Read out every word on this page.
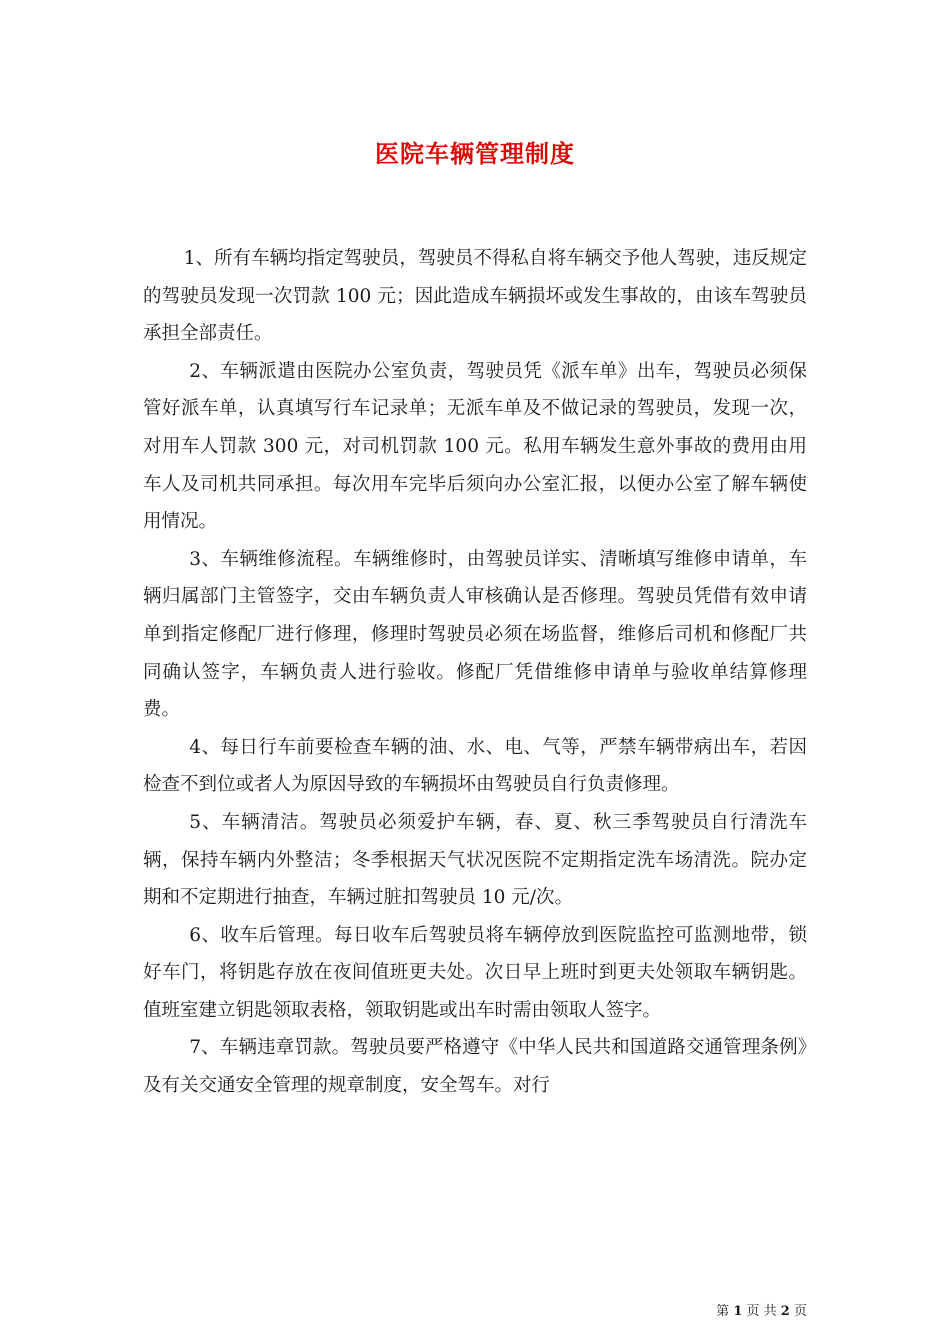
医院车辆管理制度

1、所有车辆均指定驾驶员，驾驶员不得私自将车辆交予他人驾驶，违反规定的驾驶员发现一次罚款 100 元；因此造成车辆损坏或发生事故的，由该车驾驶员承担全部责任。

2、车辆派遣由医院办公室负责，驾驶员凭《派车单》出车，驾驶员必须保管好派车单，认真填写行车记录单；无派车单及不做记录的驾驶员，发现一次，对用车人罚款 300 元，对司机罚款 100 元。私用车辆发生意外事故的费用由用车人及司机共同承担。每次用车完毕后须向办公室汇报，以便办公室了解车辆使用情况。

3、车辆维修流程。车辆维修时，由驾驶员详实、清晰填写维修申请单，车辆归属部门主管签字，交由车辆负责人审核确认是否修理。驾驶员凭借有效申请单到指定修配厂进行修理，修理时驾驶员必须在场监督，维修后司机和修配厂共同确认签字，车辆负责人进行验收。修配厂凭借维修申请单与验收单结算修理费。

4、每日行车前要检查车辆的油、水、电、气等，严禁车辆带病出车，若因检查不到位或者人为原因导致的车辆损坏由驾驶员自行负责修理。

5、车辆清洁。驾驶员必须爱护车辆，春、夏、秋三季驾驶员自行清洗车辆，保持车辆内外整洁；冬季根据天气状况医院不定期指定洗车场清洗。院办定期和不定期进行抽查，车辆过脏扣驾驶员 10 元/次。

6、收车后管理。每日收车后驾驶员将车辆停放到医院监控可监测地带，锁好车门，将钥匙存放在夜间值班更夫处。次日早上班时到更夫处领取车辆钥匙。值班室建立钥匙领取表格，领取钥匙或出车时需由领取人签字。

7、车辆违章罚款。驾驶员要严格遵守《中华人民共和国道路交通管理条例》及有关交通安全管理的规章制度，安全驾车。对行

第 1 页 共 2 页
